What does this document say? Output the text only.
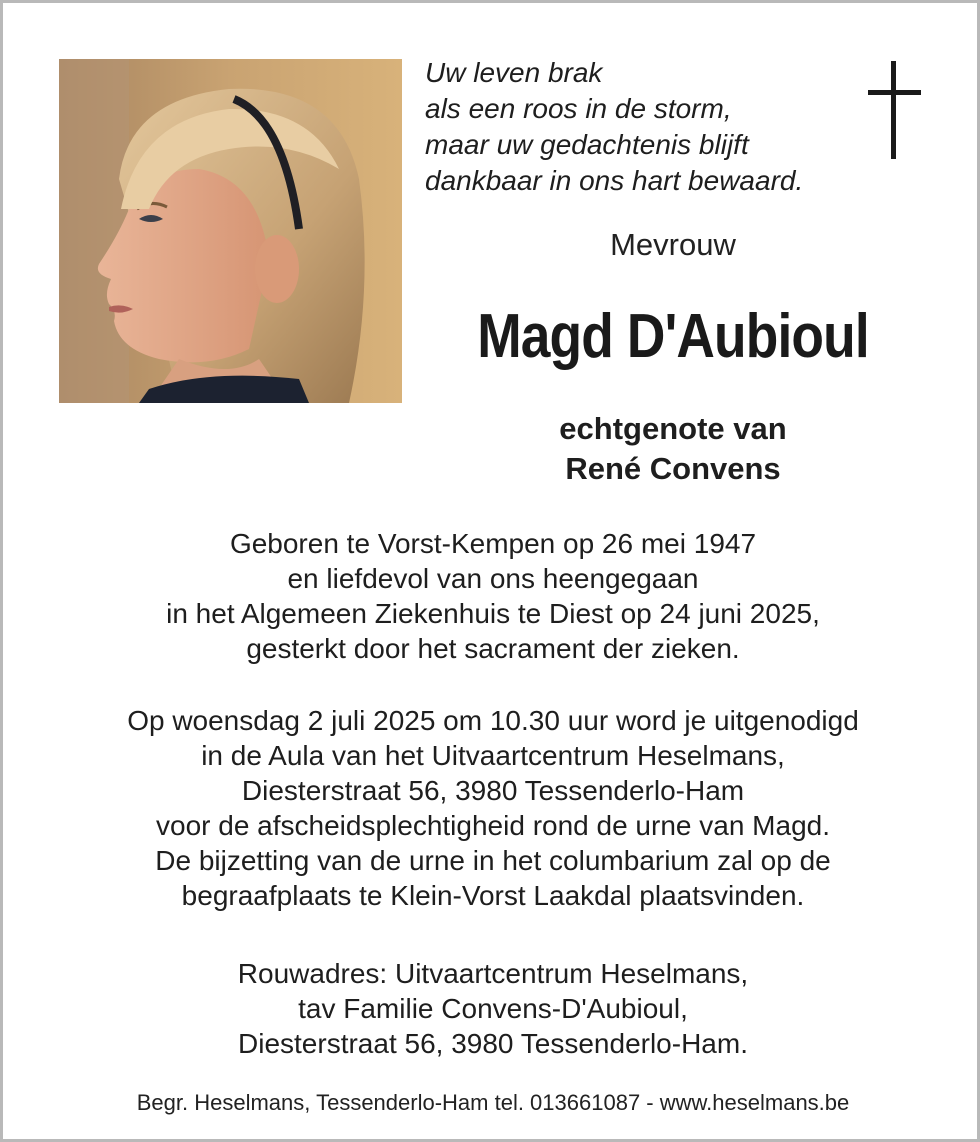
Uw leven brak
als een roos in de storm,
maar uw gedachtenis blijft
dankbaar in ons hart bewaard.
Mevrouw
Magd D'Aubioul
echtgenote van
René Convens
Geboren te Vorst-Kempen op 26 mei 1947
en liefdevol van ons heengegaan
in het Algemeen Ziekenhuis te Diest op 24 juni 2025,
gesterkt door het sacrament der zieken.
Op woensdag 2 juli 2025 om 10.30 uur word je uitgenodigd
in de Aula van het Uitvaartcentrum Heselmans,
Diesterstraat 56, 3980 Tessenderlo-Ham
voor de afscheidsplechtigheid rond de urne van Magd.
De bijzetting van de urne in het columbarium zal op de
begraafplaats te Klein-Vorst Laakdal plaatsvinden.
Rouwadres: Uitvaartcentrum Heselmans,
tav Familie Convens-D'Aubioul,
Diesterstraat 56, 3980 Tessenderlo-Ham.
Begr. Heselmans, Tessenderlo-Ham tel. 013661087 - www.heselmans.be
